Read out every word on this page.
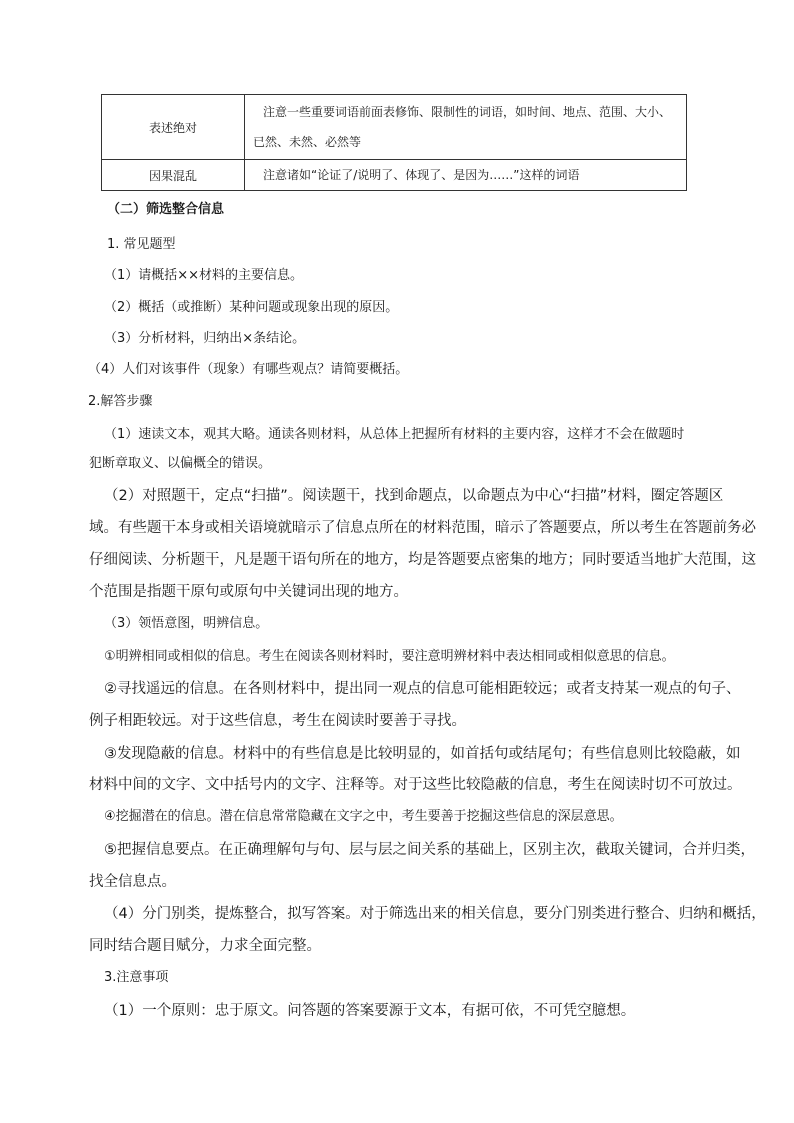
表述绝对	注意一些重要词语前面表修饰、限制性的词语，如时间、地点、范围、大小、已然、未然、必然等
因果混乱	注意诸如“论证了/说明了、体现了、是因为……”这样的词语
（二）筛选整合信息
1. 常见题型
（1）请概括××材料的主要信息。
（2）概括（或推断）某种问题或现象出现的原因。
（3）分析材料，归纳出×条结论。
（4）人们对该事件（现象）有哪些观点？请简要概括。
2.解答步骤
（1）速读文本，观其大略。通读各则材料，从总体上把握所有材料的主要内容，这样才不会在做题时
犯断章取义、以偏概全的错误。
（2）对照题干，定点“扫描”。阅读题干，找到命题点，以命题点为中心“扫描”材料，圈定答题区
域。有些题干本身或相关语境就暗示了信息点所在的材料范围，暗示了答题要点，所以考生在答题前务必
仔细阅读、分析题干，凡是题干语句所在的地方，均是答题要点密集的地方；同时要适当地扩大范围，这
个范围是指题干原句或原句中关键词出现的地方。
（3）领悟意图，明辨信息。
①明辨相同或相似的信息。考生在阅读各则材料时，要注意明辨材料中表达相同或相似意思的信息。
②寻找遥远的信息。在各则材料中，提出同一观点的信息可能相距较远；或者支持某一观点的句子、
例子相距较远。对于这些信息，考生在阅读时要善于寻找。
③发现隐蔽的信息。材料中的有些信息是比较明显的，如首括句或结尾句；有些信息则比较隐蔽，如
材料中间的文字、文中括号内的文字、注释等。对于这些比较隐蔽的信息，考生在阅读时切不可放过。
④挖掘潜在的信息。潜在信息常常隐藏在文字之中，考生要善于挖掘这些信息的深层意思。
⑤把握信息要点。在正确理解句与句、层与层之间关系的基础上，区别主次，截取关键词，合并归类，
找全信息点。
（4）分门别类，提炼整合，拟写答案。对于筛选出来的相关信息，要分门别类进行整合、归纳和概括，
同时结合题目赋分，力求全面完整。
3.注意事项
（1）一个原则：忠于原文。问答题的答案要源于文本，有据可依，不可凭空臆想。
